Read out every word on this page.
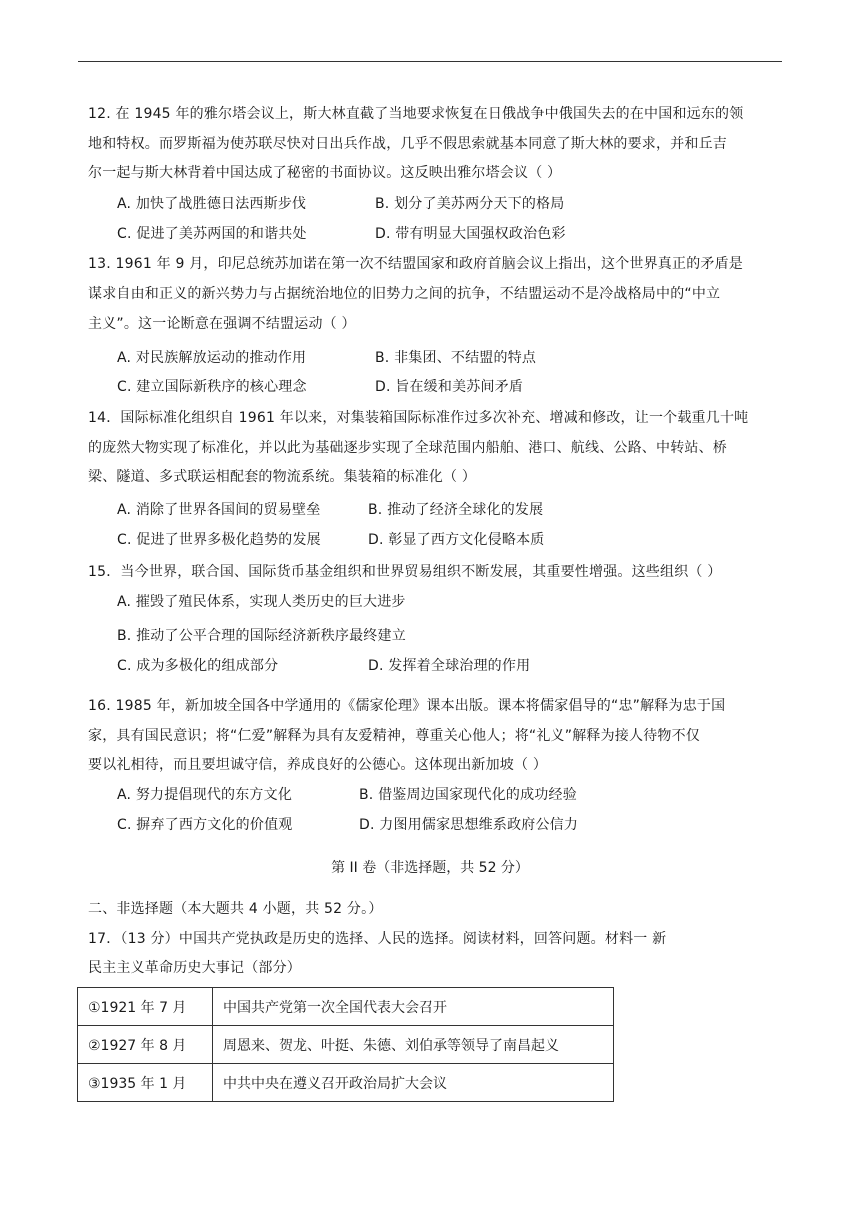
12. 在 1945 年的雅尔塔会议上，斯大林直截了当地要求恢复在日俄战争中俄国失去的在中国和远东的领
地和特权。而罗斯福为使苏联尽快对日出兵作战，几乎不假思索就基本同意了斯大林的要求，并和丘吉
尔一起与斯大林背着中国达成了秘密的书面协议。这反映出雅尔塔会议（ ）
A. 加快了战胜德日法西斯步伐	B. 划分了美苏两分天下的格局
C. 促进了美苏两国的和谐共处	D. 带有明显大国强权政治色彩
13. 1961 年 9 月，印尼总统苏加诺在第一次不结盟国家和政府首脑会议上指出，这个世界真正的矛盾是
谋求自由和正义的新兴势力与占据统治地位的旧势力之间的抗争，不结盟运动不是冷战格局中的“中立
主义”。这一论断意在强调不结盟运动（ ）
A. 对民族解放运动的推动作用	B. 非集团、不结盟的特点
C. 建立国际新秩序的核心理念	D. 旨在缓和美苏间矛盾
14．国际标准化组织自 1961 年以来，对集装箱国际标准作过多次补充、增减和修改，让一个载重几十吨
的庞然大物实现了标准化，并以此为基础逐步实现了全球范围内船舶、港口、航线、公路、中转站、桥
梁、隧道、多式联运相配套的物流系统。集装箱的标准化（ ）
A. 消除了世界各国间的贸易壁垒	B. 推动了经济全球化的发展
C. 促进了世界多极化趋势的发展	D. 彰显了西方文化侵略本质
15．当今世界，联合国、国际货币基金组织和世界贸易组织不断发展，其重要性增强。这些组织（ ）
A. 摧毁了殖民体系，实现人类历史的巨大进步
B. 推动了公平合理的国际经济新秩序最终建立
C. 成为多极化的组成部分	D. 发挥着全球治理的作用
16. 1985 年，新加坡全国各中学通用的《儒家伦理》课本出版。课本将儒家倡导的“忠”解释为忠于国
家，具有国民意识；将“仁爱”解释为具有友爱精神，尊重关心他人；将“礼义”解释为接人待物不仅
要以礼相待，而且要坦诚守信，养成良好的公德心。这体现出新加坡（ ）
A. 努力提倡现代的东方文化	B. 借鉴周边国家现代化的成功经验
C. 摒弃了西方文化的价值观	D. 力图用儒家思想维系政府公信力
第 II 卷（非选择题，共 52 分）
二、非选择题（本大题共 4 小题，共 52 分。）
17．（13 分）中国共产党执政是历史的选择、人民的选择。阅读材料，回答问题。材料一 新
民主主义革命历史大事记（部分）
①1921 年 7 月	中国共产党第一次全国代表大会召开
②1927 年 8 月	周恩来、贺龙、叶挺、朱德、刘伯承等领导了南昌起义
③1935 年 1 月	中共中央在遵义召开政治局扩大会议
